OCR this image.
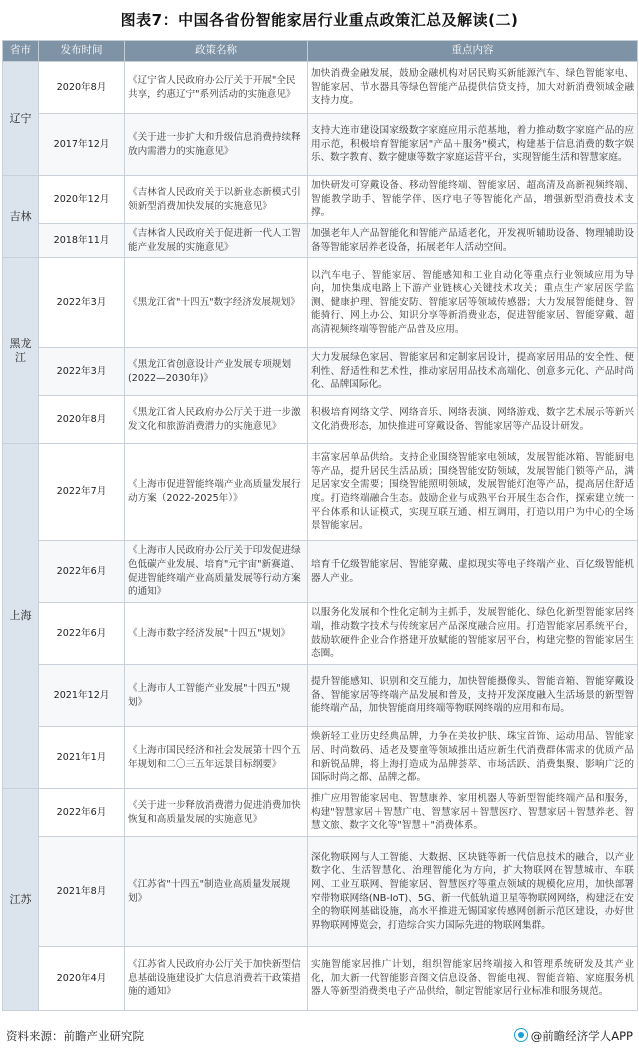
图表7：中国各省份智能家居行业重点政策汇总及解读(二)
省市	发布时间	政策名称	重点内容
辽宁	2020年8月	《辽宁省人民政府办公厅关于开展"全民共享，约惠辽宁"系列活动的实施意见》	加快消费金融发展，鼓励金融机构对居民购买新能源汽车、绿色智能家电、智能家居、节水器具等绿色智能产品提供信贷支持，加大对新消费领域金融支持力度。
	2017年12月	《关于进一步扩大和升级信息消费持续释放内需潜力的实施意见》	支持大连市建设国家级数字家庭应用示范基地，着力推动数字家庭产品的应用示范，积极培育智能家居"产品＋服务"模式，构建基于信息消费的数字娱乐、数字教育、数字健康等数字家庭运营平台，实现智能生活和智慧家庭。
吉林	2020年12月	《吉林省人民政府关于以新业态新模式引领新型消费加快发展的实施意见》	加快研发可穿戴设备、移动智能终端、智能家居、超高清及高新视频终端、智能教学助手、智能学伴、医疗电子等智能化产品，增强新型消费技术支撑。
	2018年11月	《吉林省人民政府关于促进新一代人工智能产业发展的实施意见》	加强老年人产品智能化和智能产品适老化，开发视听辅助设备、物理辅助设备等智能家居养老设备，拓展老年人活动空间。
黑龙江	2022年3月	《黑龙江省"十四五"数字经济发展规划》	以汽车电子、智能家居、智能感知和工业自动化等重点行业领域应用为导向，加快集成电路上下游产业链核心关键技术攻关；重点生产家居医学监测、健康护理、智能安防、智能家居等领域传感器；大力发展智能健身、智能骑行、网上办公、知识分享等新消费业态，促进智能家居、智能穿戴、超高清视频终端等智能产品普及应用。
	2022年3月	《黑龙江省创意设计产业发展专项规划(2022—2030年)》	大力发展绿色家居、智能家居和定制家居设计，提高家居用品的安全性、便利性、舒适性和艺术性，推动家居用品技术高端化、创意多元化、产品时尚化、品牌国际化。
	2020年8月	《黑龙江省人民政府办公厅关于进一步激发文化和旅游消费潜力的实施意见》	积极培育网络文学、网络音乐、网络表演、网络游戏、数字艺术展示等新兴文化消费形态，加快推进可穿戴设备、智能家居等产品设计研发。
上海	2022年7月	《上海市促进智能终端产业高质量发展行动方案（2022-2025年）》	丰富家居单品供给。支持企业围绕智能家电领域，发展智能冰箱、智能厨电等产品，提升居民生活品质；围绕智能安防领域，发展智能门锁等产品，满足居家安全需要；围绕智能照明领域，发展智能灯泡等产品，提高居住舒适度。打造终端融合生态。鼓励企业与成熟平台开展生态合作，探索建立统一平台体系和认证模式，实现互联互通、相互调用，打造以用户为中心的全场景智能家居。
	2022年6月	《上海市人民政府办公厅关于印发促进绿色低碳产业发展、培育"元宇宙"新赛道、促进智能终端产业高质量发展等行动方案的通知》	培育千亿级智能家居、智能穿戴、虚拟现实等电子终端产业、百亿级智能机器人产业。
	2022年6月	《上海市数字经济发展"十四五"规划》	以服务化发展和个性化定制为主抓手，发展智能化、绿色化新型智能家居终端，推动数字技术与传统家居产品深度融合应用。打造智能家居系统平台，鼓励软硬件企业合作搭建开放赋能的智能家居平台，构建完整的智能家居生态圈。
	2021年12月	《上海市人工智能产业发展"十四五"规划》	提升智能感知、识别和交互能力，加快智能摄像头、智能音箱、智能穿戴设备、智能家居等终端产品发展和普及，支持开发深度融入生活场景的新型智能终端产品，加快智能商用终端等物联网终端的应用和布局。
	2021年1月	《上海市国民经济和社会发展第十四个五年规划和二〇三五年远景目标纲要》	焕新轻工业历史经典品牌，力争在美妆护肤、珠宝首饰、运动用品、智能家居、时尚数码、适老及婴童等领域推出适应新生代消费群体需求的优质产品和新锐品牌，将上海打造成为品牌荟萃、市场活跃、消费集聚、影响广泛的国际时尚之都、品牌之都。
江苏	2022年6月	《关于进一步释放消费潜力促进消费加快恢复和高质量发展的实施意见》	推广应用智能家居电、智慧康养、家用机器人等新型智能终端产品和服务，构建"智慧家居＋智慧广电、智慧家居＋智慧医疗、智慧家居＋智慧养老、智慧文旅、数字文化等"智慧＋"消费体系。
	2021年8月	《江苏省"十四五"制造业高质量发展规划》	深化物联网与人工智能、大数据、区块链等新一代信息技术的融合，以产业数字化、生活智慧化、治理智能化为方向，扩大物联网在智慧城市、车联网、工业互联网、智能家居、智慧医疗等重点领域的规模化应用，加快部署窄带物联网络(NB-IoT)、5G、新一代低轨道卫星等物联网网络，构建泛在安全的物联网基础设施，高水平推进无锡国家传感网创新示范区建设，办好世界物联网博览会，打造综合实力国际先进的物联网集群。
	2020年4月	《江苏省人民政府办公厅关于加快新型信息基础设施建设扩大信息消费若干政策措施的通知》	实施智能家居推广计划，组织智能家居终端接入和管理系统研发及其产业化，加大新一代智能影音图文信息设备、智能电视、智能音箱、家庭服务机器人等新型消费类电子产品供给，制定智能家居行业标准和服务规范。
资料来源：前瞻产业研究院	@前瞻经济学人APP
